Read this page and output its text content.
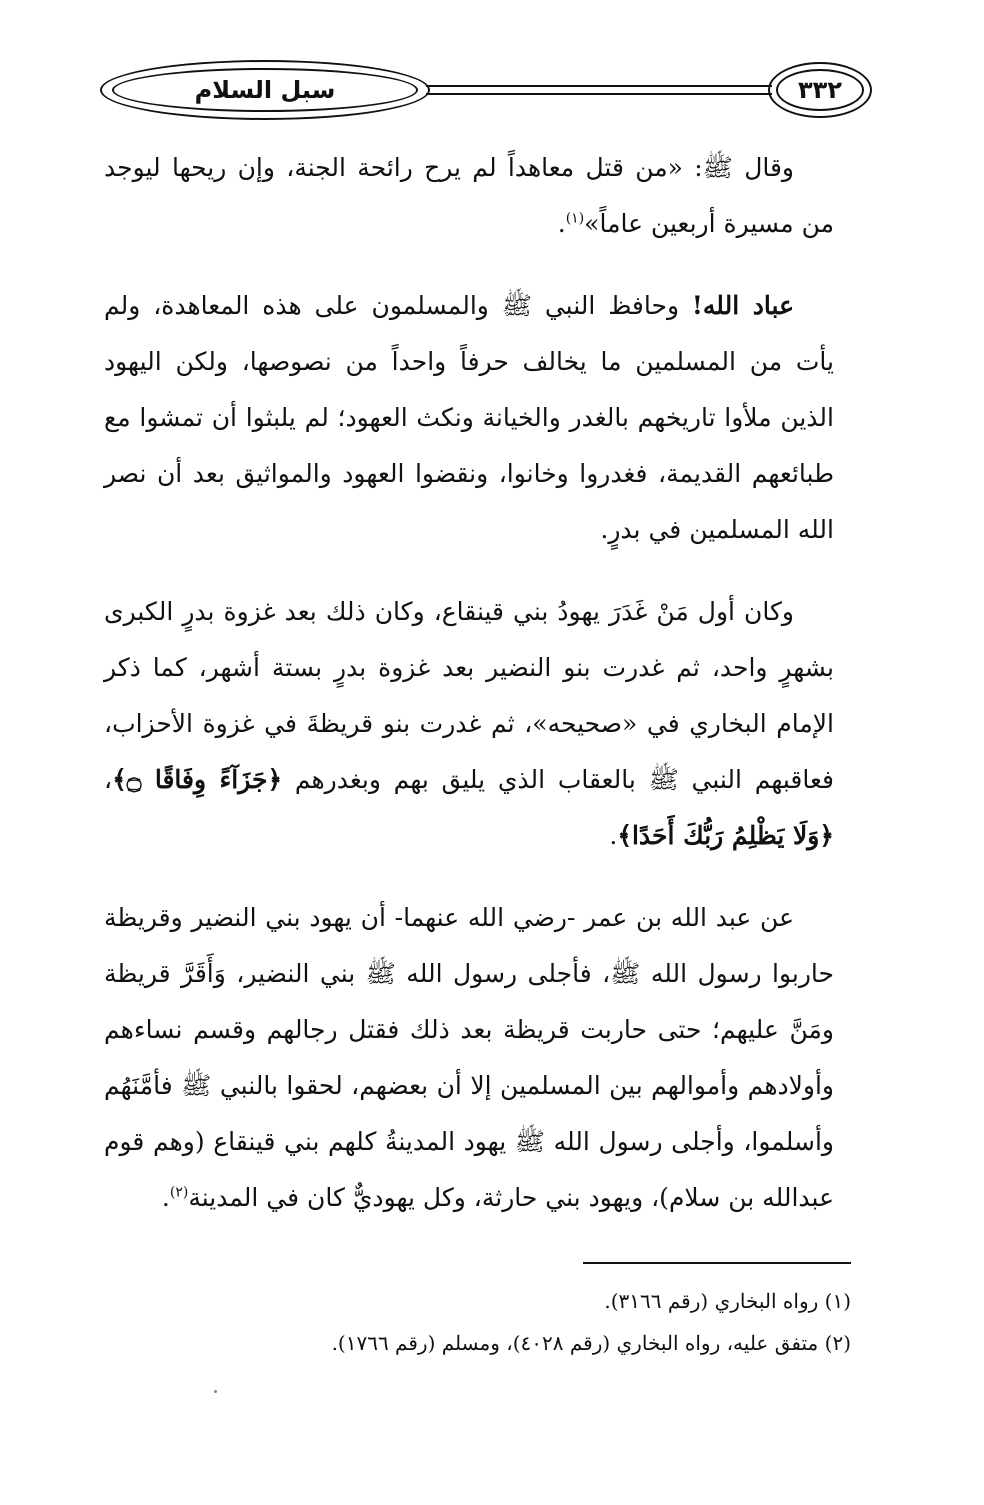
سبل السلام	٣٣٢

وقال ﷺ: «من قتل معاهداً لم يرح رائحة الجنة، وإن ريحها ليوجد من مسيرة أربعين عاماً»$^{(١)}$.

عباد الله! وحافظ النبي ﷺ والمسلمون على هذه المعاهدة، ولم يأت من المسلمين ما يخالف حرفاً واحداً من نصوصها، ولكن اليهود الذين ملأوا تاريخهم بالغدر والخيانة ونكث العهود؛ لم يلبثوا أن تمشوا مع طبائعهم القديمة، فغدروا وخانوا، ونقضوا العهود والمواثيق بعد أن نصر الله المسلمين في بدرٍ.

وكان أول مَنْ غَدَرَ يهودُ بني قينقاع، وكان ذلك بعد غزوة بدرٍ الكبرى بشهرٍ واحد، ثم غدرت بنو النضير بعد غزوة بدرٍ بستة أشهر، كما ذكر الإمام البخاري في «صحيحه»، ثم غدرت بنو قريظةَ في غزوة الأحزاب، فعاقبهم النبي ﷺ بالعقاب الذي يليق بهم وبغدرهم ﴿جَزَآءً وِفَاقًا ۝﴾، ﴿وَلَا يَظْلِمُ رَبُّكَ أَحَدًا﴾.

عن عبد الله بن عمر -رضي الله عنهما- أن يهود بني النضير وقريظة حاربوا رسول الله ﷺ، فأجلى رسول الله ﷺ بني النضير، وَأَقَرَّ قريظة ومَنَّ عليهم؛ حتى حاربت قريظة بعد ذلك فقتل رجالهم وقسم نساءهم وأولادهم وأموالهم بين المسلمين إلا أن بعضهم، لحقوا بالنبي ﷺ فأمَّنَهُم وأسلموا، وأجلى رسول الله ﷺ يهود المدينةُ كلهم بني قينقاع (وهم قوم عبدالله بن سلام)، ويهود بني حارثة، وكل يهوديٌّ كان في المدينة$^{(٢)}$.

(١) رواه البخاري (رقم ٣١٦٦).

(٢) متفق عليه، رواه البخاري (رقم ٤٠٢٨)، ومسلم (رقم ١٧٦٦).
